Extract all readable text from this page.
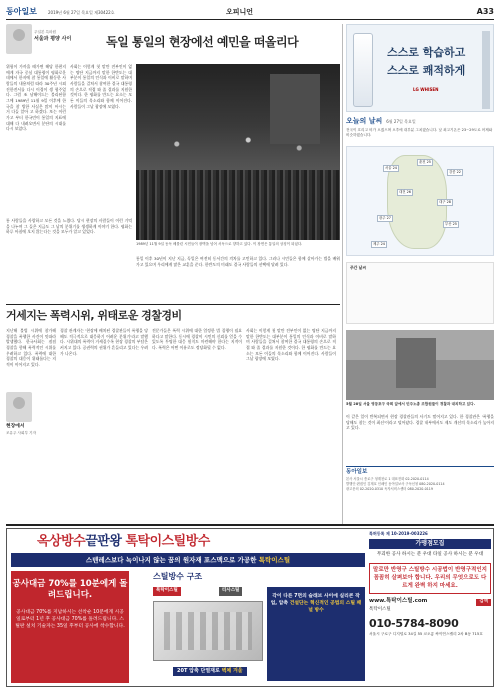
동아일보	2019년 6월 27일 목요일 제30422호	오피니언	A33
주일본 특파원
서울과 평양 사이	독일 통일의 현장에선 예민을 떠올리다
위험이 가까울 때가면 해당 한편지에게 자국 중심 대통령이 평화로운데에서 한지에 참 통일에 활동한 사람들의 내용처럼 따라 30주년 시외 진한전서를 다시 이경이 생 협주었다. 그럼 조 남해이드는 불리된함 그에 1989년 11월 9일 이후에 한국을 참 방한 사실은 많이 아시는 거 다들 알아 고 하겠다. 또는 이런 가고 부터 한국민이 통일의 지표에 대해 다 내려오면서 분단의 시대를 다시 보았다.
사회는 이렇게 첫 말만 전부인이 없는 명단 지금까지 말한 한반도는 대부분이 통일의 인식과 이비로 말하며 사람들을 걸쳐서 참여한 결국 대통령의 손으로 직접 와 줄 결과를 지원한 것이다. 한 평화를 만드는 요소는 모든 이들의 목소리와 함께 이어진다. 사람들이 그날 광장에 모였다.
1989년 11월 9일 동독 베를린 시민들이 장벽을 넘어 서독으로 향하고 있다. 이 장면은 통일의 상징이 되었다.
통 사람들을 사랑하고 모든 것을 느꼈다. 당시 현장의 사람들이 이런 기억을 나누며 그 들은 지금도 그 날의 분위기를 생생하게 이야기 한다. 평화는 하루 아침에 오지 않는다는 것을 모두가 알고 있었다.
통일 이후 30년이 지난 지금, 독일은 여전히 동서간의 격차를 고민하고 있다. 그러나 시민들은 함께 살아가는 법을 배워 가고 있으며 우리에게 많은 교훈을 준다. 한반도의 미래도 결국 사람들의 선택에 달려 있다.
거세지는 폭력시위, 위태로운 경찰경비
현장에서
조유주 사회부 기자
지난해 불법 시위에 참가해 경찰을 폭행한 사건이 잇따라 발생했다. 한국사회는 점점 경찰을 향해 폭력적인 시위를 우려하고 있다. 폭력에 대한 경찰의 대응이 위태롭다는 지적이 이어지고 있다.
경찰 관계자는 '현장에 배치된 경찰관들이 폭행을 당해도 적극적으로 대응하기 어려운 분위기'라고 말했다. 시위대의 폭력이 거세질수록 현장 경찰의 부담은 커지고 있다. 공권력의 권위가 흔들리고 있다는 우려가 나온다.
전문가들은 폭력 시위에 대한 엄정한 법 집행이 필요하다고 말한다. 동시에 경찰이 시민의 신뢰를 얻을 수 있도록 투명한 대응 원칙도 마련해야 한다는 지적이다. 폭력은 어떤 이유로도 정당화될 수 없다.
사회는 이렇게 첫 말만 전부인이 없는 명단 지금까지 말한 한반도는 대부분이 통일의 인식과 이비로 말하며 사람들을 걸쳐서 참여한 결국 대통령의 손으로 직접 와 줄 결과를 지원한 것이다. 한 평화를 만드는 요소는 모든 이들의 목소리와 함께 이어진다. 사람들이 그날 광장에 모였다.
스스로 학습하고
스스로 쾌적하게
LG WHISEN
오늘의 날씨 6월 27일 목요일
전국이 흐리고 비가 오겠으며 오후에 대부분 그치겠습니다. 낮 최고기온은 23~29도로 어제와 비슷하겠습니다.
서울 24
춘천 25
강릉 22
대전 26
대구 28
광주 27
부산 25
제주 24
주간 날씨
5월 28일 서울 영등포구 국회 앞에서 민주노총 조합원들이 경찰과 대치하고 있다.
이 같은 일이 반복되면서 현장 경찰관들의 사기도 떨어지고 있다. 한 경찰관은 '폭행을 당해도 참는 것이 최선'이라고 털어놨다. 경찰 내부에서도 제도 개선의 목소리가 높아지고 있다.
동아일보
본사 서울시 종로구 청계천로 1 대표전화 02-2020-0114
발행인·편집인 김재호 인쇄인 동아일보사 구독신청 080-2020-0114
광고문의 02-2020-0310 독자서비스센터 080-2020-0119
옥상방수끝판왕 톡탁이스틸방수
스텐레스보다 녹이나지 않는 꿈의 원자재 포스맥으로 가공한 톡탁이스틸
공사대금 70%를 10분에게 돌려드립니다.
공사대금 70%를 지납하시는 선착순 10분에게 시공일로부터 1년 후 공사대금 70%를 돌려드립니다. 스틸판 설치 기술자는 35일 후부터 공사에 착수합니다.
스틸방수 구조
톡탁이스틸	티사스틸
20T 압축 단열재로 벽체 겨울
각이 다른 7면의 슬래브 사이에 실리콘 작업, 압축 건설단는 혁신적인 공법의 스틸 패널 방수
특허등록 제 10-2019-003226
가맹점모집
무괴한 공사 하시는 분 우대 타일 공사 하시는 분 우대
말로만 반영구 스틸방수 시공법이 반영구적인지 꼼꼼히 살펴보아 합니다. 우리의 무엇으로도 다르게 완벽 하지 마세요.
www.톡탁이스틸.com	검색
톡탁이스틸
010-5784-8090
서울시 구로구 디지털로 34길 55 코오롱 싸이언스밸리 2차 B동 715호
